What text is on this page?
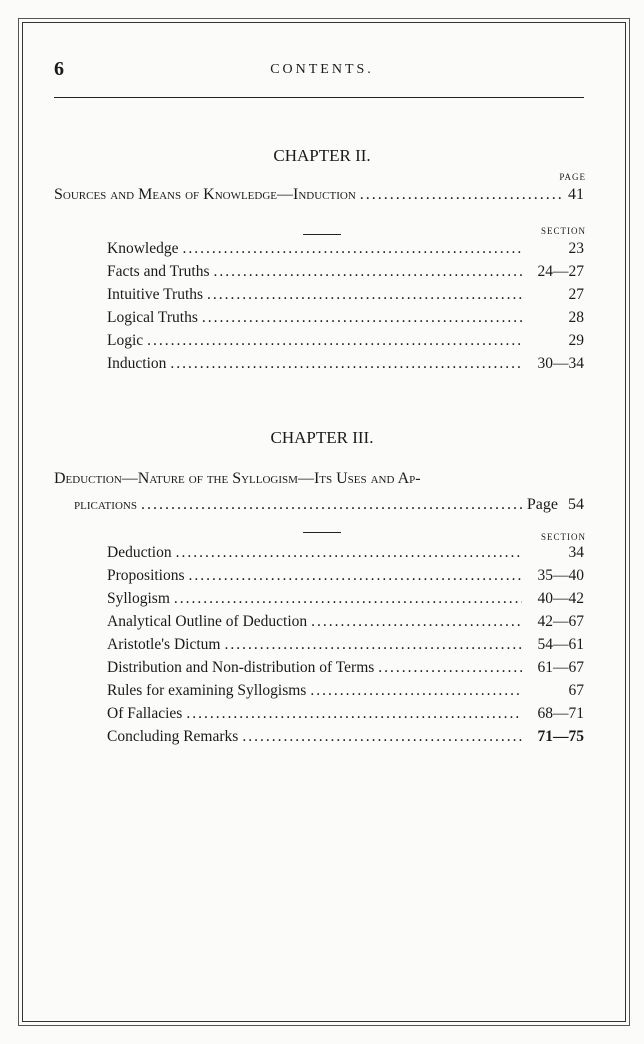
6	CONTENTS.
CHAPTER II.
PAGE
Sources and Means of Knowledge—Induction .....	41
SECTION
Knowledge .....	23
Facts and Truths .....	24—27
Intuitive Truths .....	27
Logical Truths .....	28
Logic .....	29
Induction .....	30—34
CHAPTER III.
Deduction—Nature of the Syllogism—Its Uses and Ap-
plications .....	Page 54
SECTION
Deduction .....	34
Propositions .....	35—40
Syllogism .....	40—42
Analytical Outline of Deduction .....	42—67
Aristotle's Dictum .....	54—61
Distribution and Non-distribution of Terms .....	61—67
Rules for examining Syllogisms .....	67
Of Fallacies .....	68—71
Concluding Remarks .....	71—75
